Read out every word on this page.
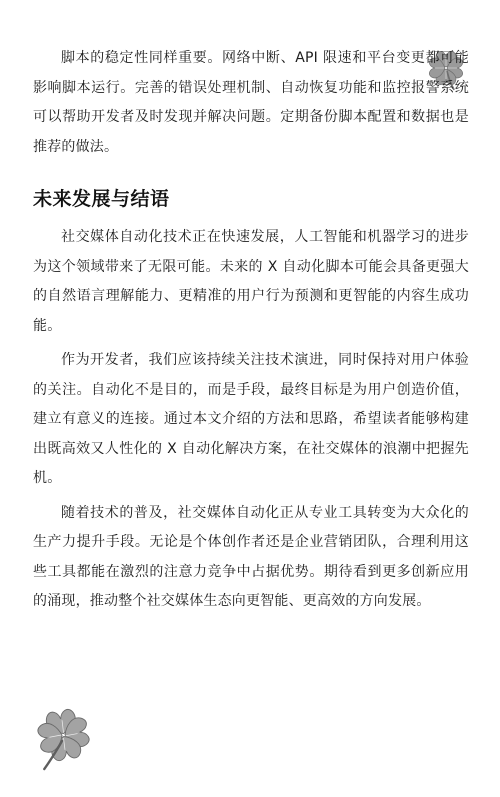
脚本的稳定性同样重要。网络中断、API 限速和平台变更都可能影响脚本运行。完善的错误处理机制、自动恢复功能和监控报警系统可以帮助开发者及时发现并解决问题。定期备份脚本配置和数据也是推荐的做法。

未来发展与结语

社交媒体自动化技术正在快速发展，人工智能和机器学习的进步为这个领域带来了无限可能。未来的 X 自动化脚本可能会具备更强大的自然语言理解能力、更精准的用户行为预测和更智能的内容生成功能。

作为开发者，我们应该持续关注技术演进，同时保持对用户体验的关注。自动化不是目的，而是手段，最终目标是为用户创造价值，建立有意义的连接。通过本文介绍的方法和思路，希望读者能够构建出既高效又人性化的 X 自动化解决方案，在社交媒体的浪潮中把握先机。

随着技术的普及，社交媒体自动化正从专业工具转变为大众化的生产力提升手段。无论是个体创作者还是企业营销团队，合理利用这些工具都能在激烈的注意力竞争中占据优势。期待看到更多创新应用的涌现，推动整个社交媒体生态向更智能、更高效的方向发展。
